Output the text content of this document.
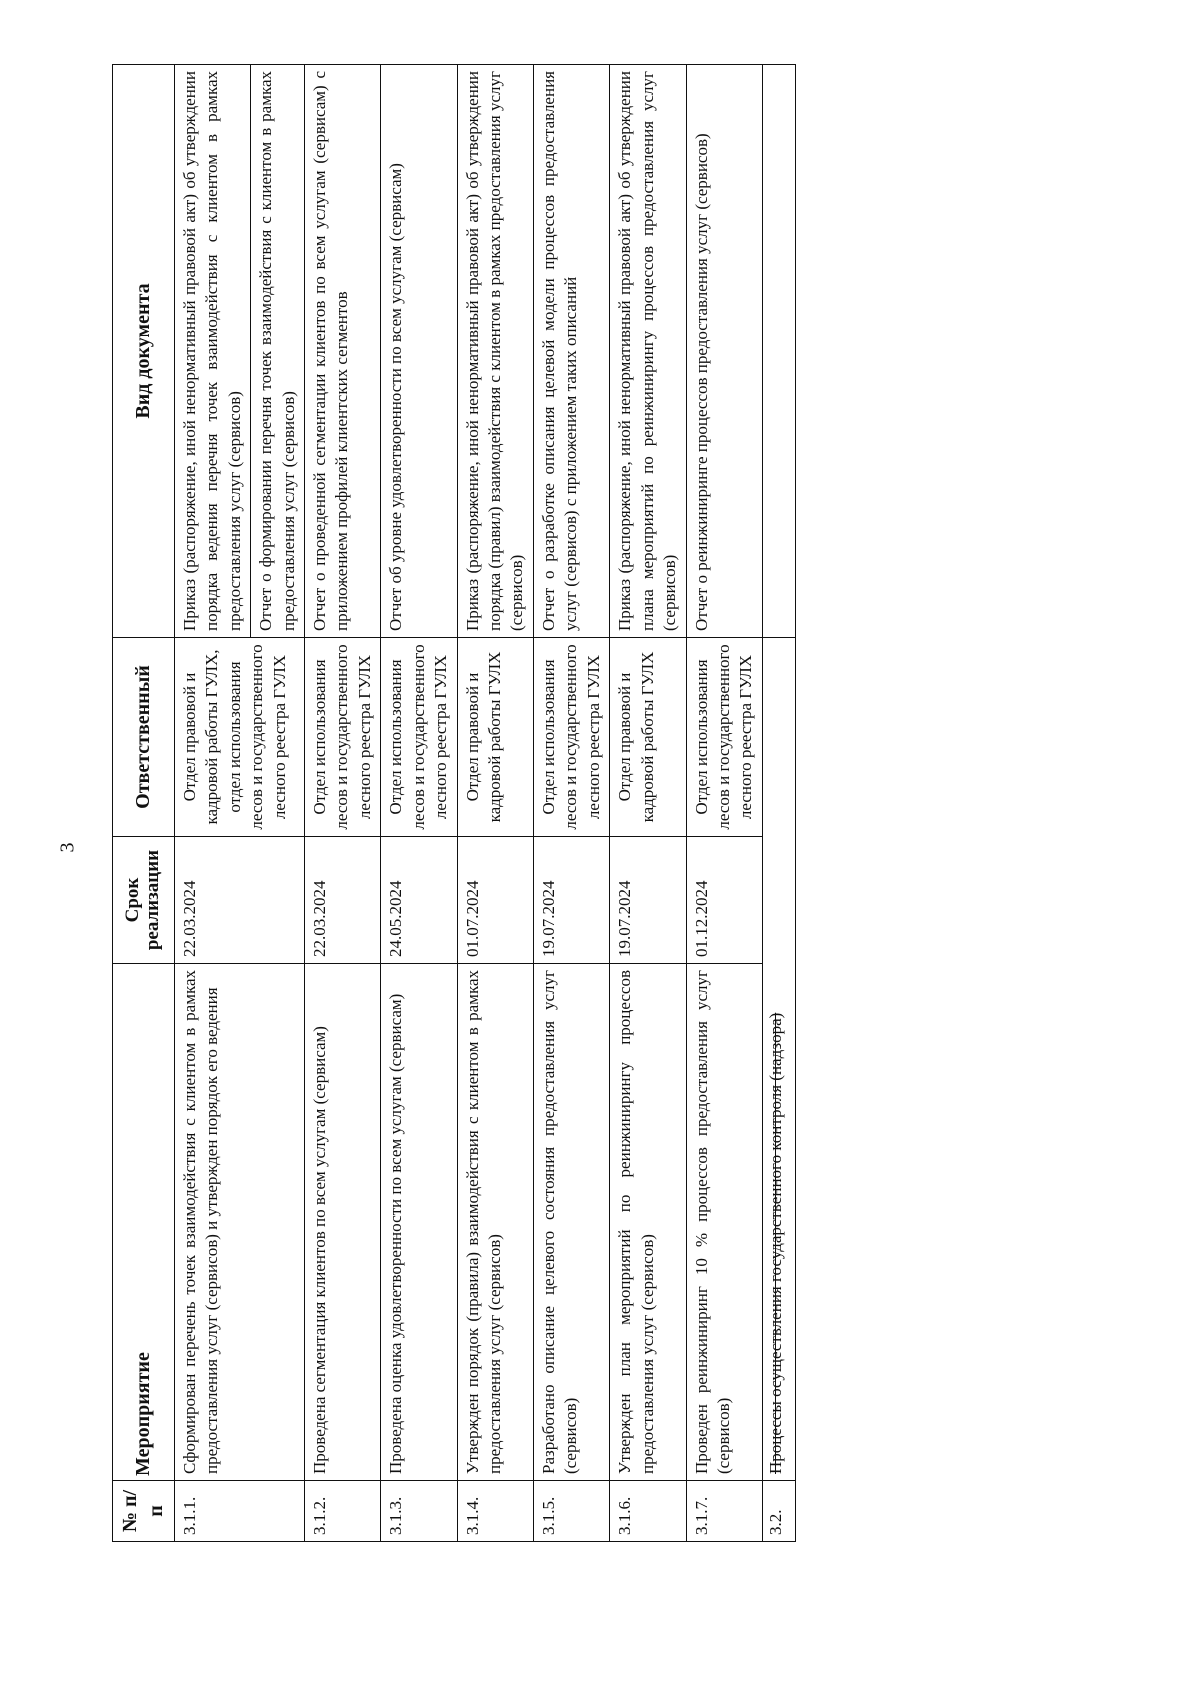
3
№ п/п	Мероприятие	Срок реализации	Ответственный	Вид документа
3.1.1.	Сформирован перечень точек взаимодействия с клиентом в рамках предоставления услуг (сервисов) и утвержден порядок его ведения	22.03.2024	Отдел правовой и кадровой работы ГУЛХ, отдел использования лесов и государственного лесного реестра ГУЛХ	Приказ (распоряжение, иной ненормативный правовой акт) об утверждении порядка ведения перечня точек взаимодействия с клиентом в рамках предоставления услуг (сервисов) Отчет о формировании перечня точек взаимодействия с клиентом в рамках предоставления услуг (сервисов)

3.1.2.	Проведена сегментация клиентов по всем услугам (сервисам)	22.03.2024	Отдел использования лесов и государственного лесного реестра ГУЛХ	Отчет о проведенной сегментации клиентов по всем услугам (сервисам) с приложением профилей клиентских сегментов

3.1.3.	Проведена оценка удовлетворенности по всем услугам (сервисам)	24.05.2024	Отдел использования лесов и государственного лесного реестра ГУЛХ	Отчет об уровне удовлетворенности по всем услугам (сервисам)

3.1.4.	Утвержден порядок (правила) взаимодействия с клиентом в рамках предоставления услуг (сервисов)	01.07.2024	Отдел правовой и кадровой работы ГУЛХ	Приказ (распоряжение, иной ненормативный правовой акт) об утверждении порядка (правил) взаимодействия с клиентом в рамках предоставления услуг (сервисов)

3.1.5.	Разработано описание целевого состояния предоставления услуг (сервисов)	19.07.2024	Отдел использования лесов и государственного лесного реестра ГУЛХ	Отчет о разработке описания целевой модели процессов предоставления услуг (сервисов) с приложением таких описаний

3.1.6.	Утвержден план мероприятий по реинжинирингу процессов предоставления услуг (сервисов)	19.07.2024	Отдел правовой и кадровой работы ГУЛХ	Приказ (распоряжение, иной ненормативный правовой акт) об утверждении плана мероприятий по реинжинирингу процессов предоставления услуг (сервисов)

3.1.7.	Проведен реинжиниринг 10 % процессов предоставления услуг (сервисов)	01.12.2024	Отдел использования лесов и государственного лесного реестра ГУЛХ	Отчет о реинжиниринге процессов предоставления услуг (сервисов)

3.2.	Процессы осуществления государственного контроля (надзора)			
